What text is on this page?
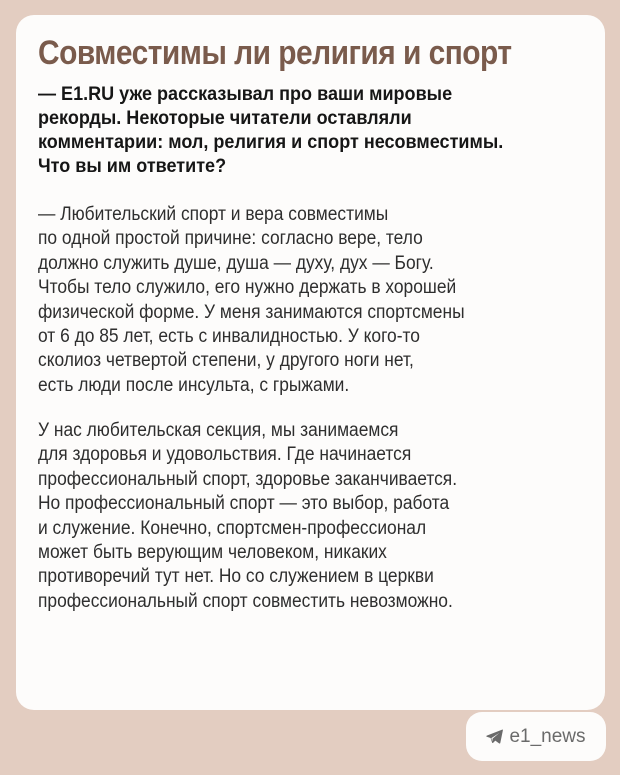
Совместимы ли религия и спорт

— E1.RU уже рассказывал про ваши мировые
рекорды. Некоторые читатели оставляли
комментарии: мол, религия и спорт несовместимы.
Что вы им ответите?

— Любительский спорт и вера совместимы
по одной простой причине: согласно вере, тело
должно служить душе, душа — духу, дух — Богу.
Чтобы тело служило, его нужно держать в хорошей
физической форме. У меня занимаются спортсмены
от 6 до 85 лет, есть с инвалидностью. У кого-то
сколиоз четвертой степени, у другого ноги нет,
есть люди после инсульта, с грыжами.

У нас любительская секция, мы занимаемся
для здоровья и удовольствия. Где начинается
профессиональный спорт, здоровье заканчивается.
Но профессиональный спорт — это выбор, работа
и служение. Конечно, спортсмен-профессионал
может быть верующим человеком, никаких
противоречий тут нет. Но со служением в церкви
профессиональный спорт совместить невозможно.

e1_news
